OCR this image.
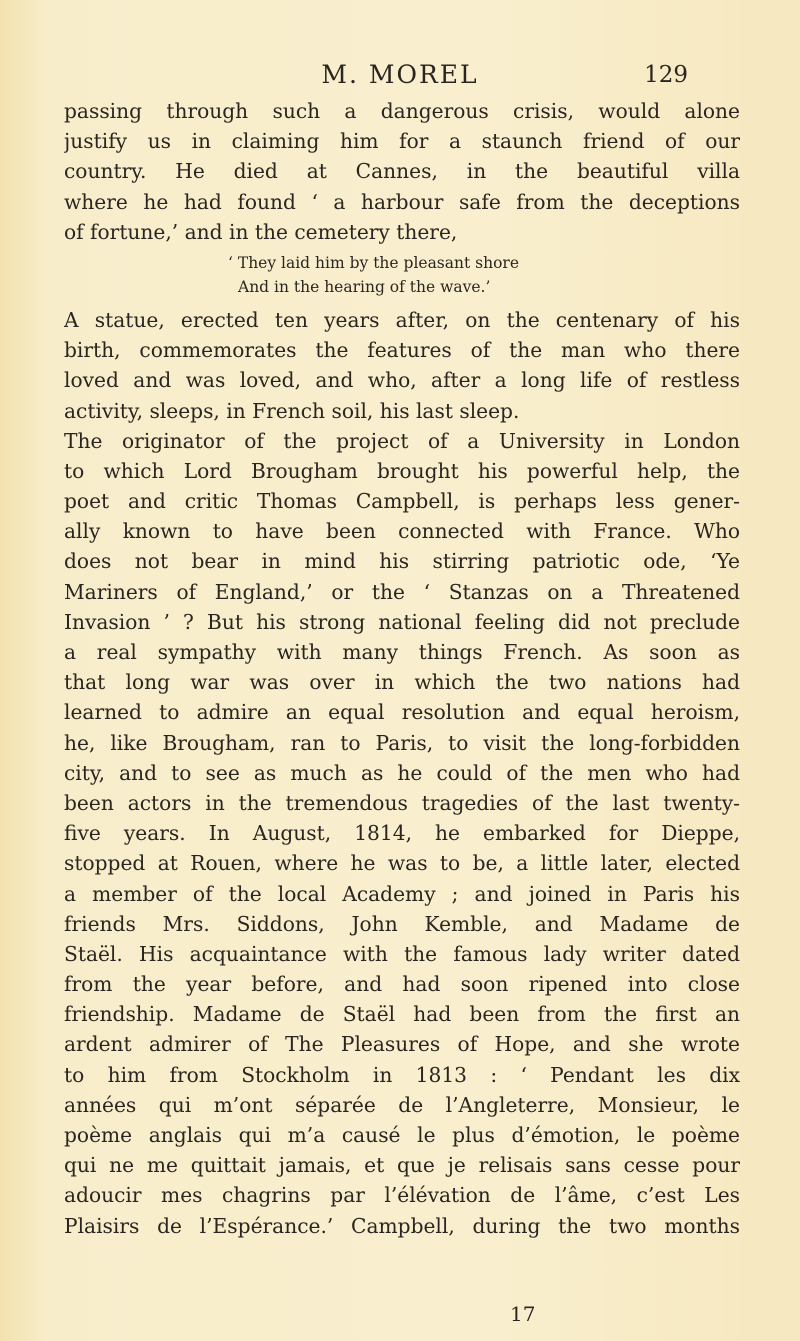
M. MOREL	129
passing through such a dangerous crisis, would alone
justify us in claiming him for a staunch friend of our
country. He died at Cannes, in the beautiful villa
where he had found ‘ a harbour safe from the deceptions
of fortune,’ and in the cemetery there,
‘ They laid him by the pleasant shore
And in the hearing of the wave.’
A statue, erected ten years after, on the centenary of his
birth, commemorates the features of the man who there
loved and was loved, and who, after a long life of restless
activity, sleeps, in French soil, his last sleep.
The originator of the project of a University in London
to which Lord Brougham brought his powerful help, the
poet and critic Thomas Campbell, is perhaps less gener-
ally known to have been connected with France. Who
does not bear in mind his stirring patriotic ode, ‘Ye
Mariners of England,’ or the ‘ Stanzas on a Threatened
Invasion ’ ? But his strong national feeling did not preclude
a real sympathy with many things French. As soon as
that long war was over in which the two nations had
learned to admire an equal resolution and equal heroism,
he, like Brougham, ran to Paris, to visit the long-forbidden
city, and to see as much as he could of the men who had
been actors in the tremendous tragedies of the last twenty-
five years. In August, 1814, he embarked for Dieppe,
stopped at Rouen, where he was to be, a little later, elected
a member of the local Academy ; and joined in Paris his
friends Mrs. Siddons, John Kemble, and Madame de
Staël. His acquaintance with the famous lady writer dated
from the year before, and had soon ripened into close
friendship. Madame de Staël had been from the first an
ardent admirer of The Pleasures of Hope, and she wrote
to him from Stockholm in 1813 : ‘ Pendant les dix
années qui m’ont séparée de l’Angleterre, Monsieur, le
poème anglais qui m’a causé le plus d’émotion, le poème
qui ne me quittait jamais, et que je relisais sans cesse pour
adoucir mes chagrins par l’élévation de l’âme, c’est Les
Plaisirs de l’Espérance.’ Campbell, during the two months
17
